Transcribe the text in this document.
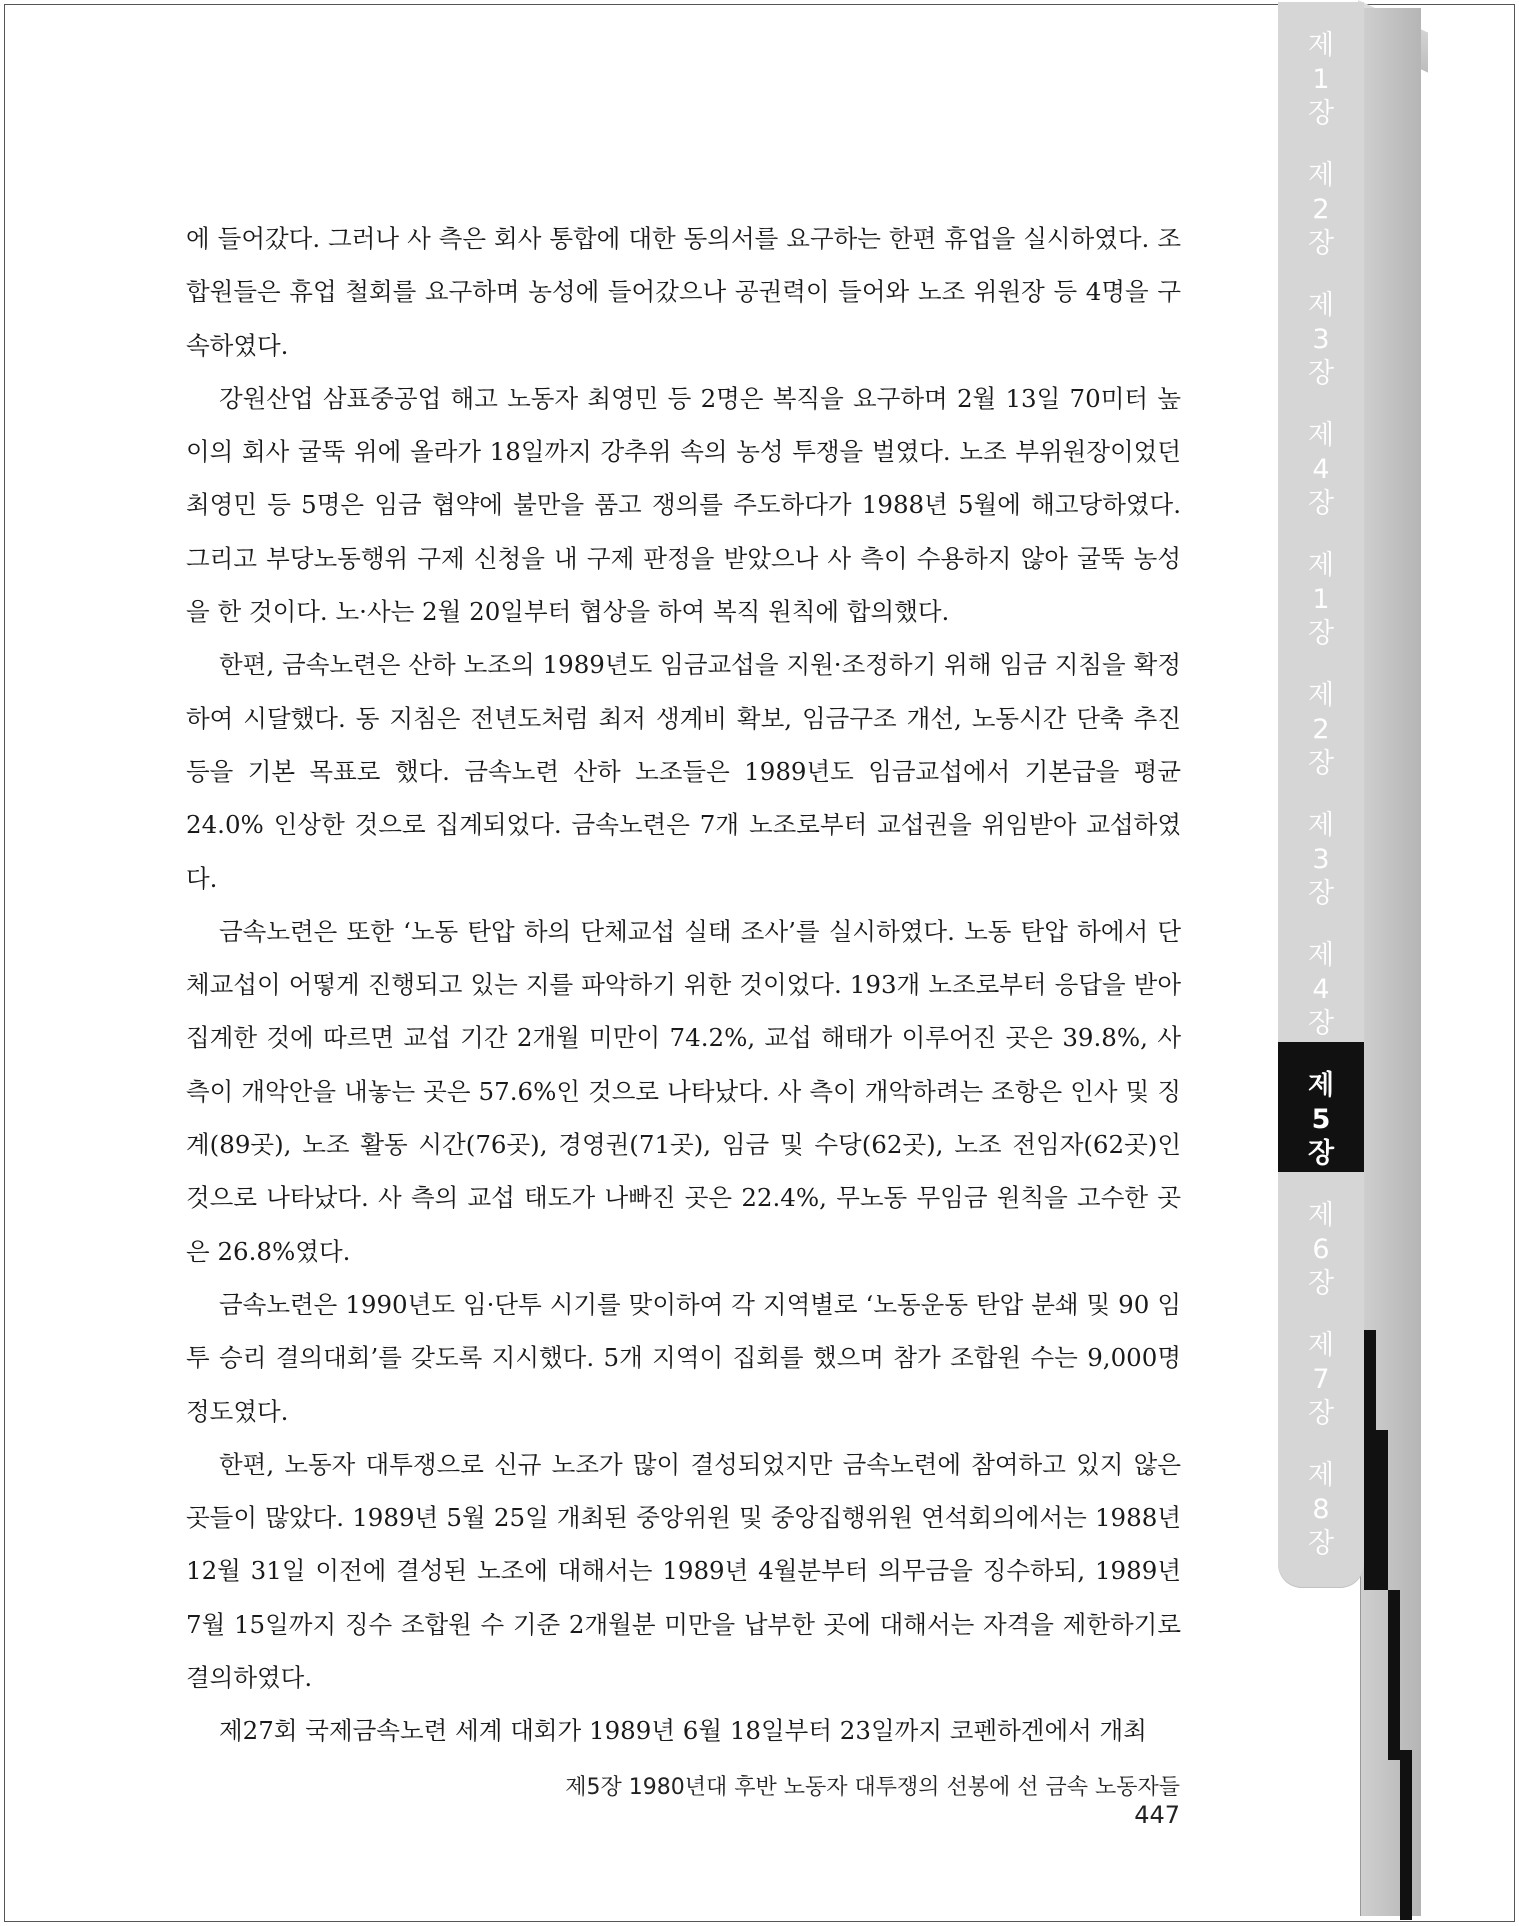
제
1
장
제
2
장
제
3
장
제
4
장
제
1
장
제
2
장
제
3
장
제
4
장
제
5
장
제
6
장
제
7
장
제
8
장

에 들어갔다. 그러나 사 측은 회사 통합에 대한 동의서를 요구하는 한편 휴업을 실시하였다. 조합원들은 휴업 철회를 요구하며 농성에 들어갔으나 공권력이 들어와 노조 위원장 등 4명을 구속하였다.

강원산업 삼표중공업 해고 노동자 최영민 등 2명은 복직을 요구하며 2월 13일 70미터 높이의 회사 굴뚝 위에 올라가 18일까지 강추위 속의 농성 투쟁을 벌였다. 노조 부위원장이었던 최영민 등 5명은 임금 협약에 불만을 품고 쟁의를 주도하다가 1988년 5월에 해고당하였다. 그리고 부당노동행위 구제 신청을 내 구제 판정을 받았으나 사 측이 수용하지 않아 굴뚝 농성을 한 것이다. 노·사는 2월 20일부터 협상을 하여 복직 원칙에 합의했다.

한편, 금속노련은 산하 노조의 1989년도 임금교섭을 지원·조정하기 위해 임금 지침을 확정하여 시달했다. 동 지침은 전년도처럼 최저 생계비 확보, 임금구조 개선, 노동시간 단축 추진 등을 기본 목표로 했다. 금속노련 산하 노조들은 1989년도 임금교섭에서 기본급을 평균 24.0% 인상한 것으로 집계되었다. 금속노련은 7개 노조로부터 교섭권을 위임받아 교섭하였다.

금속노련은 또한 ‘노동 탄압 하의 단체교섭 실태 조사’를 실시하였다. 노동 탄압 하에서 단체교섭이 어떻게 진행되고 있는 지를 파악하기 위한 것이었다. 193개 노조로부터 응답을 받아 집계한 것에 따르면 교섭 기간 2개월 미만이 74.2%, 교섭 해태가 이루어진 곳은 39.8%, 사 측이 개악안을 내놓는 곳은 57.6%인 것으로 나타났다. 사 측이 개악하려는 조항은 인사 및 징계(89곳), 노조 활동 시간(76곳), 경영권(71곳), 임금 및 수당(62곳), 노조 전임자(62곳)인 것으로 나타났다. 사 측의 교섭 태도가 나빠진 곳은 22.4%, 무노동 무임금 원칙을 고수한 곳은 26.8%였다.

금속노련은 1990년도 임·단투 시기를 맞이하여 각 지역별로 ‘노동운동 탄압 분쇄 및 90 임투 승리 결의대회’를 갖도록 지시했다. 5개 지역이 집회를 했으며 참가 조합원 수는 9,000명 정도였다.

한편, 노동자 대투쟁으로 신규 노조가 많이 결성되었지만 금속노련에 참여하고 있지 않은 곳들이 많았다. 1989년 5월 25일 개최된 중앙위원 및 중앙집행위원 연석회의에서는 1988년 12월 31일 이전에 결성된 노조에 대해서는 1989년 4월분부터 의무금을 징수하되, 1989년 7월 15일까지 징수 조합원 수 기준 2개월분 미만을 납부한 곳에 대해서는 자격을 제한하기로 결의하였다.

제27회 국제금속노련 세계 대회가 1989년 6월 18일부터 23일까지 코펜하겐에서 개최

제5장 1980년대 후반 노동자 대투쟁의 선봉에 선 금속 노동자들447
